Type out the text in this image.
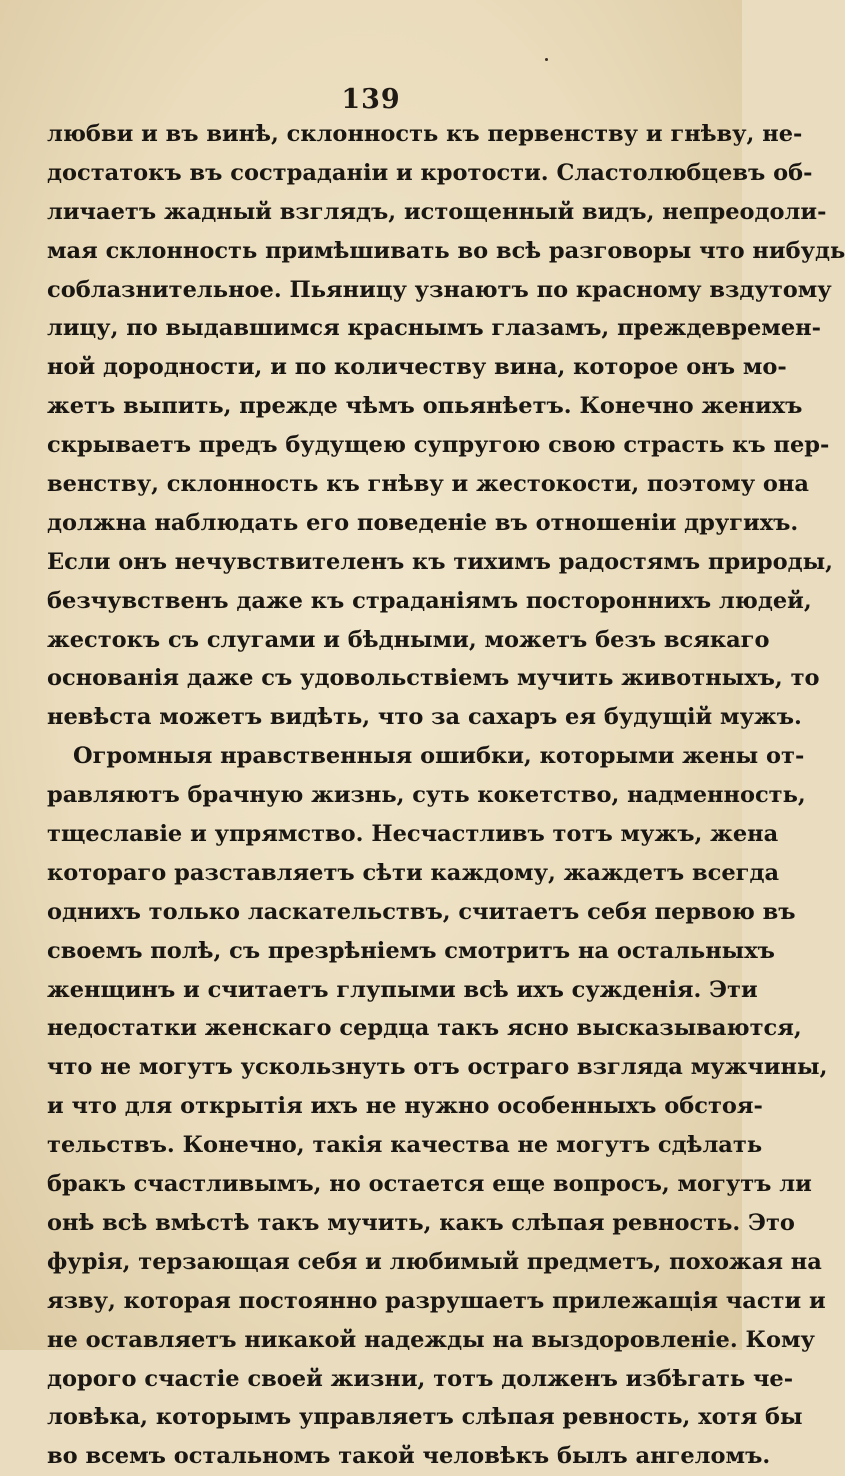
139
любви и въ винѣ, склонность къ первенству и гнѣву, не-
достатокъ въ состраданіи и кротости. Сластолюбцевъ об-
личаетъ жадный взглядъ, истощенный видъ, непреодоли-
мая склонность примѣшивать во всѣ разговоры что нибудь
соблазнительное. Пьяницу узнаютъ по красному вздутому
лицу, по выдавшимся краснымъ глазамъ, преждевремен-
ной дородности, и по количеству вина, которое онъ мо-
жетъ выпить, прежде чѣмъ опьянѣетъ. Конечно женихъ
скрываетъ предъ будущею супругою свою страсть къ пер-
венству, склонность къ гнѣву и жестокости, поэтому она
должна наблюдать его поведеніе въ отношеніи другихъ.
Если онъ нечувствителенъ къ тихимъ радостямъ природы,
безчувственъ даже къ страданіямъ постороннихъ людей,
жестокъ съ слугами и бѣдными, можетъ безъ всякаго
основанія даже съ удовольствіемъ мучить животныхъ, то
невѣста можетъ видѣть, что за сахаръ ея будущій мужъ.
Огромныя нравственныя ошибки, которыми жены от-
равляютъ брачную жизнь, суть кокетство, надменность,
тщеславіе и упрямство. Несчастливъ тотъ мужъ, жена
котораго разставляетъ сѣти каждому, жаждетъ всегда
однихъ только ласкательствъ, считаетъ себя первою въ
своемъ полѣ, съ презрѣніемъ смотритъ на остальныхъ
женщинъ и считаетъ глупыми всѣ ихъ сужденія. Эти
недостатки женскаго сердца такъ ясно высказываются,
что не могутъ ускользнуть отъ остраго взгляда мужчины,
и что для открытія ихъ не нужно особенныхъ обстоя-
тельствъ. Конечно, такія качества не могутъ сдѣлать
бракъ счастливымъ, но остается еще вопросъ, могутъ ли
онѣ всѣ вмѣстѣ такъ мучить, какъ слѣпая ревность. Это
фурія, терзающая себя и любимый предметъ, похожая на
язву, которая постоянно разрушаетъ прилежащія части и
не оставляетъ никакой надежды на выздоровленіе. Кому
дорого счастіе своей жизни, тотъ долженъ избѣгать че-
ловѣка, которымъ управляетъ слѣпая ревность, хотя бы
во всемъ остальномъ такой человѣкъ былъ ангеломъ.
